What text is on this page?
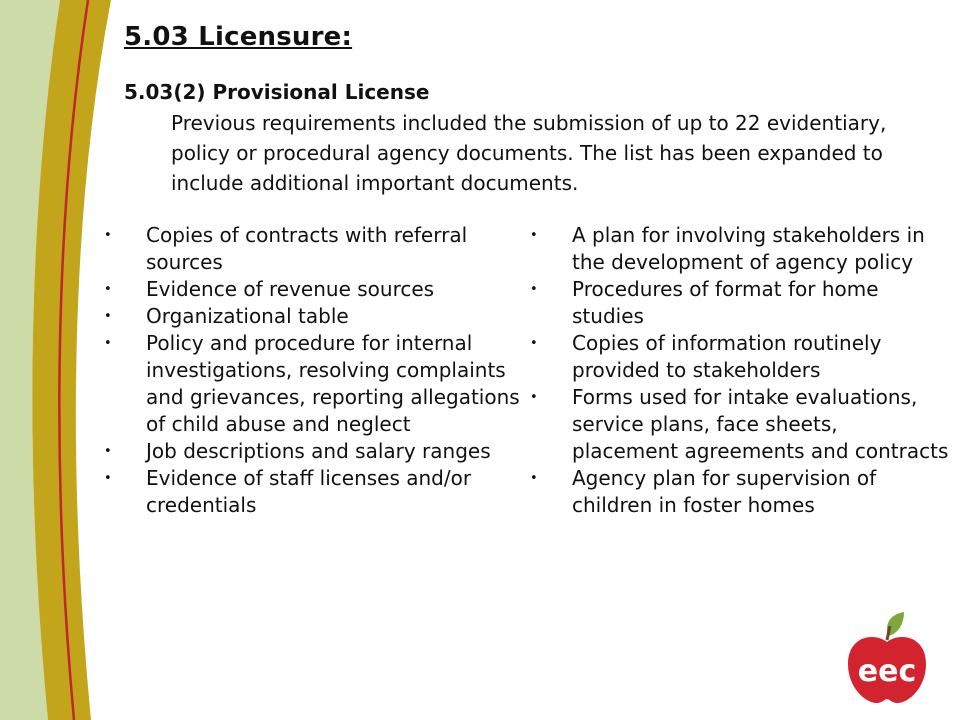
5.03 Licensure:
5.03(2) Provisional License

Previous requirements included the submission of up to 22 evidentiary, policy or procedural agency documents. The list has been expanded to include additional important documents.

• Copies of contracts with referral sources
• Evidence of revenue sources
• Organizational table
• Policy and procedure for internal investigations, resolving complaints and grievances, reporting allegations of child abuse and neglect
• Job descriptions and salary ranges
• Evidence of staff licenses and/or credentials
• A plan for involving stakeholders in the development of agency policy
• Procedures of format for home studies
• Copies of information routinely provided to stakeholders
• Forms used for intake evaluations, service plans, face sheets, placement agreements and contracts
• Agency plan for supervision of children in foster homes
eec
